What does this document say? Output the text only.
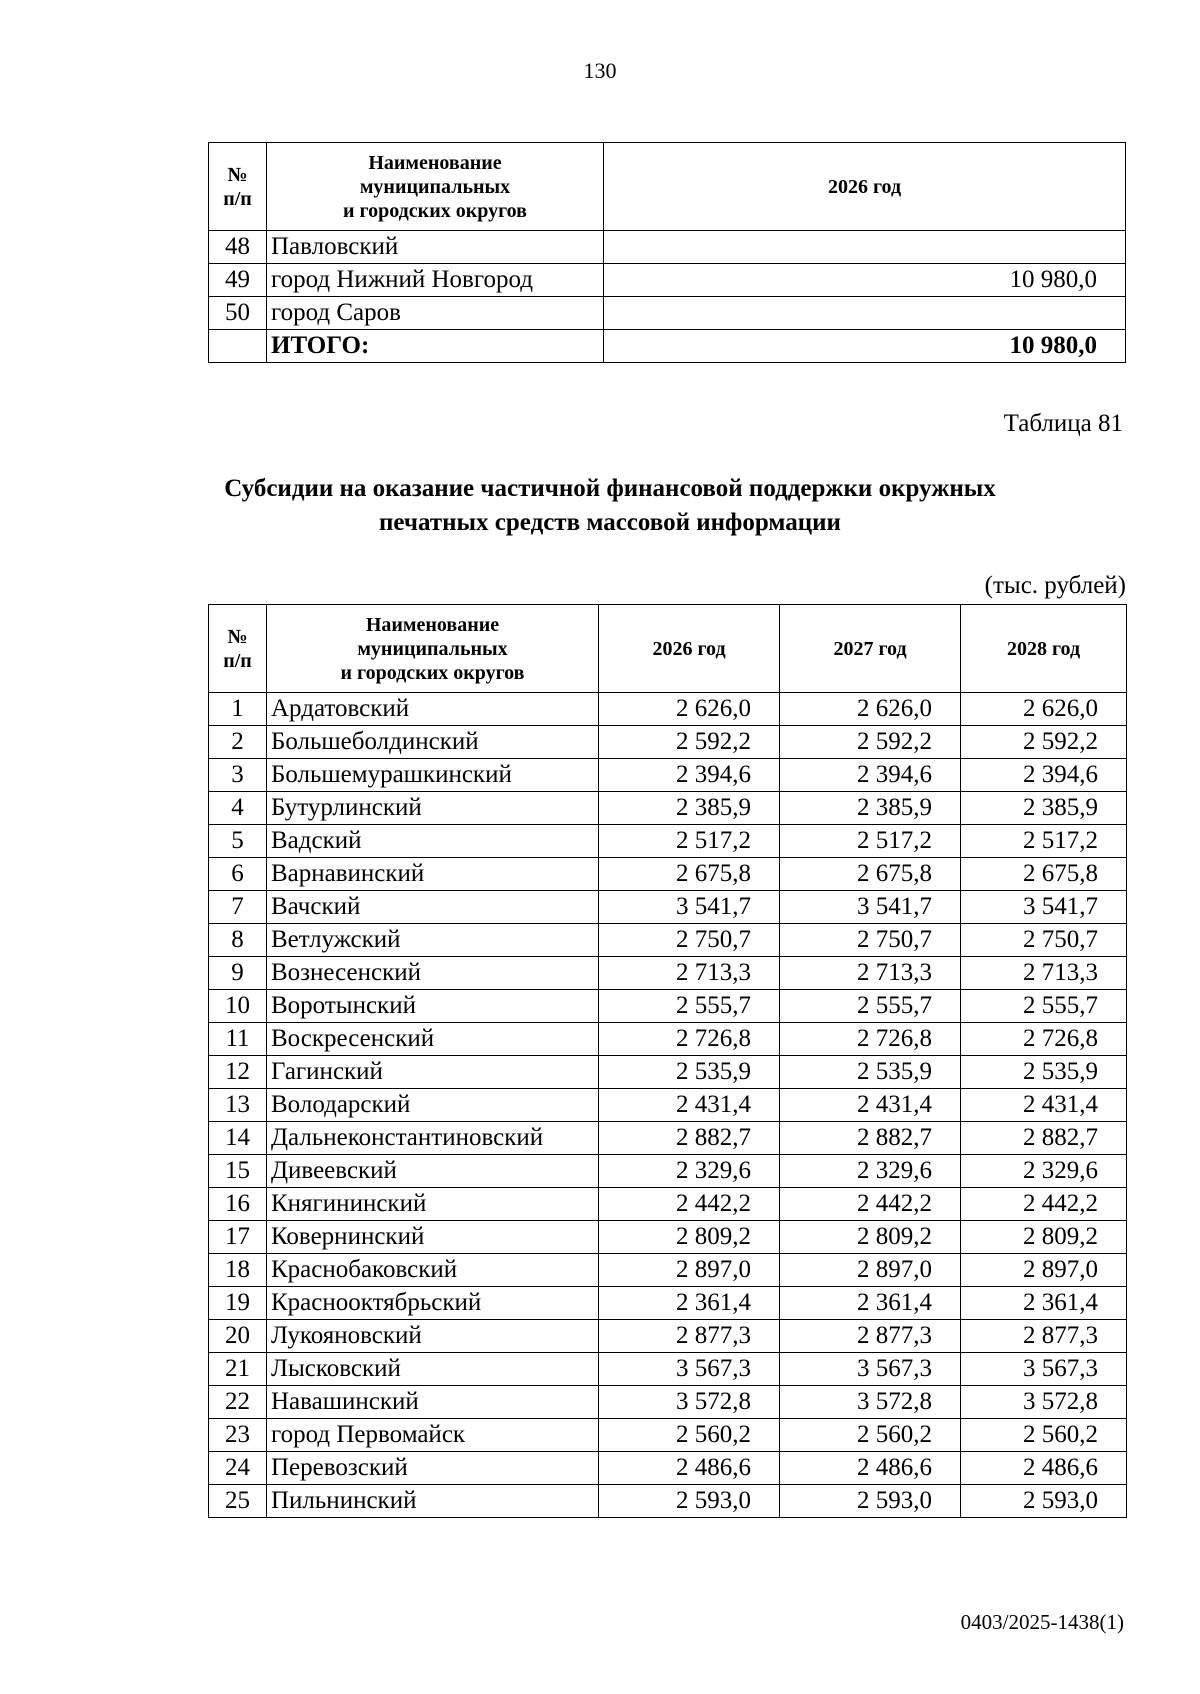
130
№
п/п	Наименование
муниципальных
и городских округов	2026 год
48	Павловский	
49	город Нижний Новгород	10 980,0
50	город Саров	
	ИТОГО:	10 980,0
Таблица 81
Субсидии на оказание частичной финансовой поддержки окружных
печатных средств массовой информации
(тыс. рублей)
№
п/п	Наименование
муниципальных
и городских округов	2026 год	2027 год	2028 год
1	Ардатовский	2 626,0	2 626,0	2 626,0
2	Большеболдинский	2 592,2	2 592,2	2 592,2
3	Большемурашкинский	2 394,6	2 394,6	2 394,6
4	Бутурлинский	2 385,9	2 385,9	2 385,9
5	Вадский	2 517,2	2 517,2	2 517,2
6	Варнавинский	2 675,8	2 675,8	2 675,8
7	Вачский	3 541,7	3 541,7	3 541,7
8	Ветлужский	2 750,7	2 750,7	2 750,7
9	Вознесенский	2 713,3	2 713,3	2 713,3
10	Воротынский	2 555,7	2 555,7	2 555,7
11	Воскресенский	2 726,8	2 726,8	2 726,8
12	Гагинский	2 535,9	2 535,9	2 535,9
13	Володарский	2 431,4	2 431,4	2 431,4
14	Дальнеконстантиновский	2 882,7	2 882,7	2 882,7
15	Дивеевский	2 329,6	2 329,6	2 329,6
16	Княгининский	2 442,2	2 442,2	2 442,2
17	Ковернинский	2 809,2	2 809,2	2 809,2
18	Краснобаковский	2 897,0	2 897,0	2 897,0
19	Краснооктябрьский	2 361,4	2 361,4	2 361,4
20	Лукояновский	2 877,3	2 877,3	2 877,3
21	Лысковский	3 567,3	3 567,3	3 567,3
22	Навашинский	3 572,8	3 572,8	3 572,8
23	город Первомайск	2 560,2	2 560,2	2 560,2
24	Перевозский	2 486,6	2 486,6	2 486,6
25	Пильнинский	2 593,0	2 593,0	2 593,0
0403/2025-1438(1)
